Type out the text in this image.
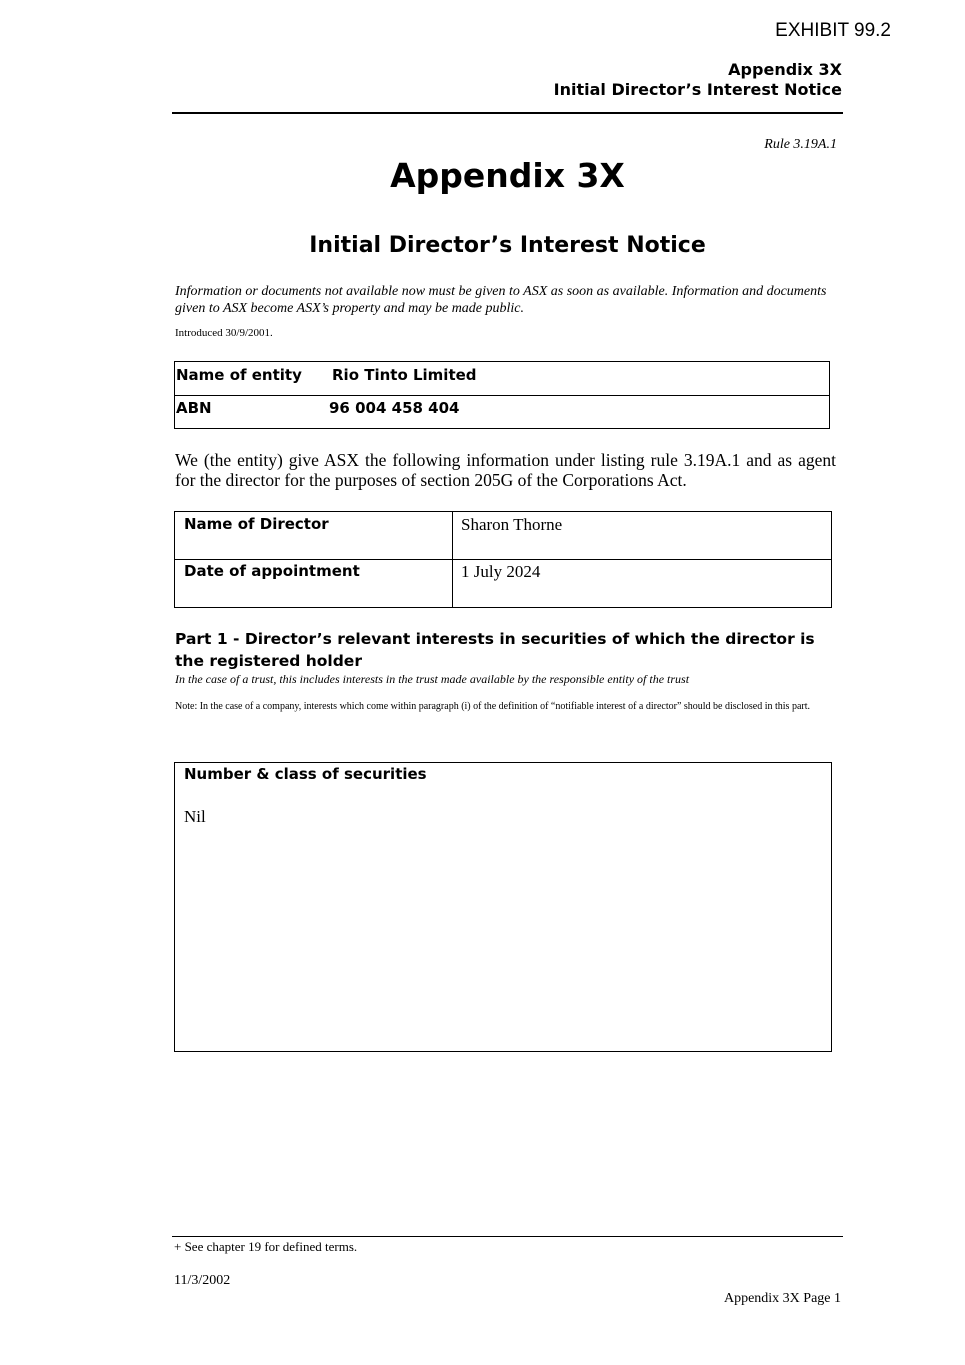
EXHIBIT 99.2
Appendix 3X
Initial Director’s Interest Notice
Rule 3.19A.1
Appendix 3X
Initial Director’s Interest Notice
Information or documents not available now must be given to ASX as soon as available. Information and documents given to ASX become ASX’s property and may be made public.
Introduced 30/9/2001.
Name of entity Rio Tinto Limited
ABN	96 004 458 404
We (the entity) give ASX the following information under listing rule 3.19A.1 and as agent for the director for the purposes of section 205G of the Corporations Act.
Name of Director	Sharon Thorne
Date of appointment	1 July 2024
Part 1 - Director’s relevant interests in securities of which the director is the registered holder
In the case of a trust, this includes interests in the trust made available by the responsible entity of the trust
Note: In the case of a company, interests which come within paragraph (i) of the definition of “notifiable interest of a director” should be disclosed in this part.
Number & class of securities
Nil
+ See chapter 19 for defined terms.
11/3/2002
Appendix 3X Page 1
